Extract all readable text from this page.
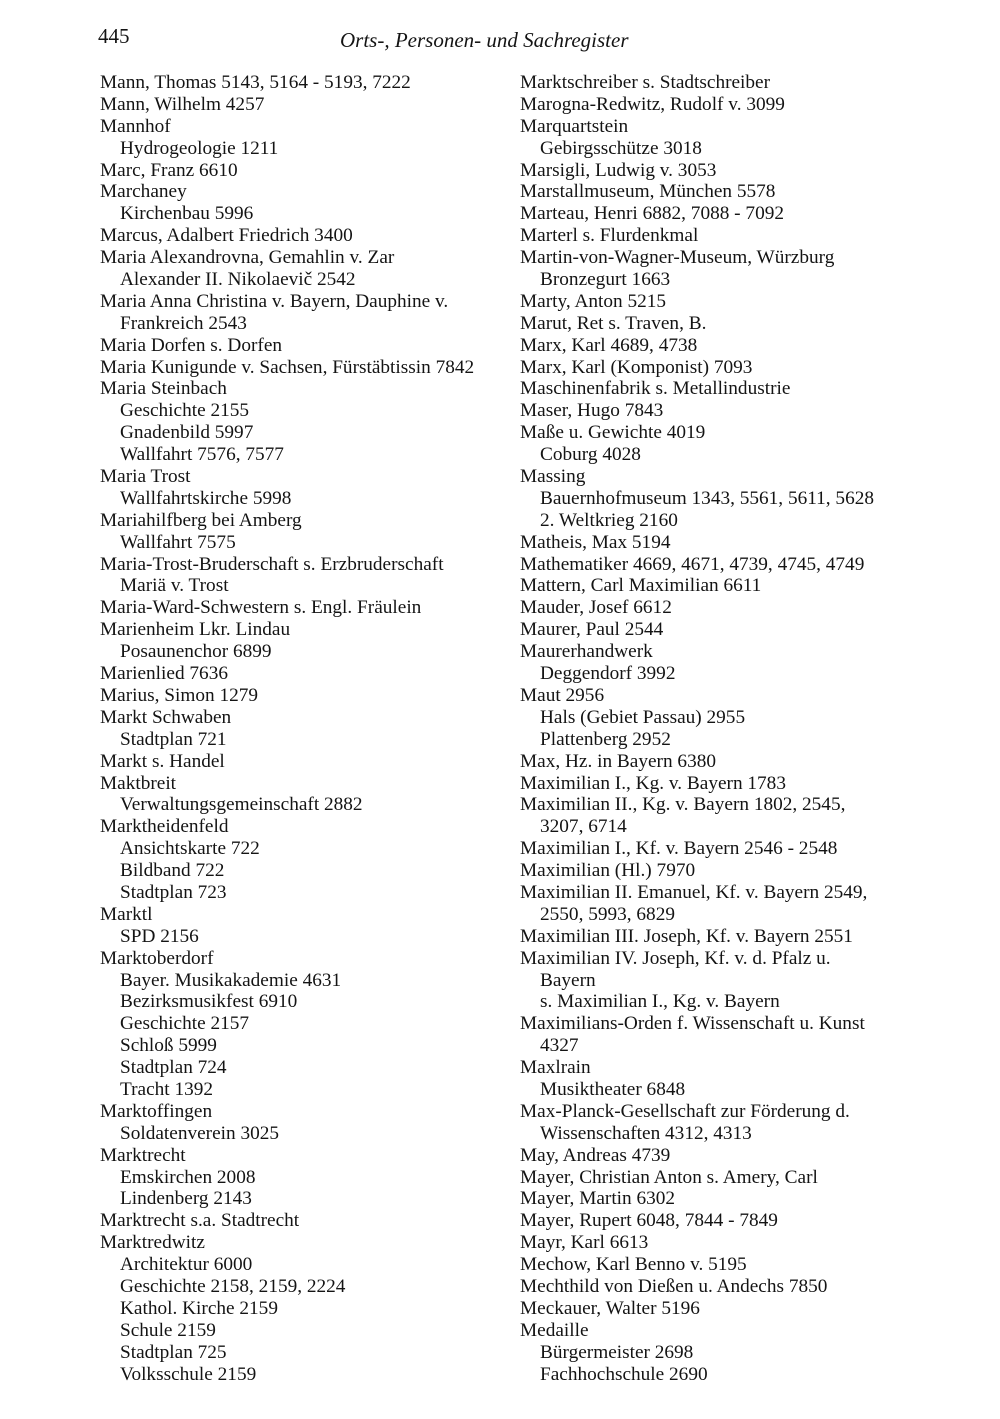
445	Orts-, Personen- und Sachregister
Mann, Thomas 5143, 5164 - 5193, 7222
Mann, Wilhelm 4257
Mannhof
Hydrogeologie 1211
Marc, Franz 6610
Marchaney
Kirchenbau 5996
Marcus, Adalbert Friedrich 3400
Maria Alexandrovna, Gemahlin v. Zar
Alexander II. Nikolaevič 2542
Maria Anna Christina v. Bayern, Dauphine v.
Frankreich 2543
Maria Dorfen s. Dorfen
Maria Kunigunde v. Sachsen, Fürstäbtissin 7842
Maria Steinbach
Geschichte 2155
Gnadenbild 5997
Wallfahrt 7576, 7577
Maria Trost
Wallfahrtskirche 5998
Mariahilfberg bei Amberg
Wallfahrt 7575
Maria-Trost-Bruderschaft s. Erzbruderschaft
Mariä v. Trost
Maria-Ward-Schwestern s. Engl. Fräulein
Marienheim Lkr. Lindau
Posaunenchor 6899
Marienlied 7636
Marius, Simon 1279
Markt Schwaben
Stadtplan 721
Markt s. Handel
Maktbreit
Verwaltungsgemeinschaft 2882
Marktheidenfeld
Ansichtskarte 722
Bildband 722
Stadtplan 723
Marktl
SPD 2156
Marktoberdorf
Bayer. Musikakademie 4631
Bezirksmusikfest 6910
Geschichte 2157
Schloß 5999
Stadtplan 724
Tracht 1392
Marktoffingen
Soldatenverein 3025
Marktrecht
Emskirchen 2008
Lindenberg 2143
Marktrecht s.a. Stadtrecht
Marktredwitz
Architektur 6000
Geschichte 2158, 2159, 2224
Kathol. Kirche 2159
Schule 2159
Stadtplan 725
Volksschule 2159
Marktschreiber s. Stadtschreiber
Marogna-Redwitz, Rudolf v. 3099
Marquartstein
Gebirgsschütze 3018
Marsigli, Ludwig v. 3053
Marstallmuseum, München 5578
Marteau, Henri 6882, 7088 - 7092
Marterl s. Flurdenkmal
Martin-von-Wagner-Museum, Würzburg
Bronzegurt 1663
Marty, Anton 5215
Marut, Ret s. Traven, B.
Marx, Karl 4689, 4738
Marx, Karl (Komponist) 7093
Maschinenfabrik s. Metallindustrie
Maser, Hugo 7843
Maße u. Gewichte 4019
Coburg 4028
Massing
Bauernhofmuseum 1343, 5561, 5611, 5628
2. Weltkrieg 2160
Matheis, Max 5194
Mathematiker 4669, 4671, 4739, 4745, 4749
Mattern, Carl Maximilian 6611
Mauder, Josef 6612
Maurer, Paul 2544
Maurerhandwerk
Deggendorf 3992
Maut 2956
Hals (Gebiet Passau) 2955
Plattenberg 2952
Max, Hz. in Bayern 6380
Maximilian I., Kg. v. Bayern 1783
Maximilian II., Kg. v. Bayern 1802, 2545,
3207, 6714
Maximilian I., Kf. v. Bayern 2546 - 2548
Maximilian (Hl.) 7970
Maximilian II. Emanuel, Kf. v. Bayern 2549,
2550, 5993, 6829
Maximilian III. Joseph, Kf. v. Bayern 2551
Maximilian IV. Joseph, Kf. v. d. Pfalz u.
Bayern
s. Maximilian I., Kg. v. Bayern
Maximilians-Orden f. Wissenschaft u. Kunst
4327
Maxlrain
Musiktheater 6848
Max-Planck-Gesellschaft zur Förderung d.
Wissenschaften 4312, 4313
May, Andreas 4739
Mayer, Christian Anton s. Amery, Carl
Mayer, Martin 6302
Mayer, Rupert 6048, 7844 - 7849
Mayr, Karl 6613
Mechow, Karl Benno v. 5195
Mechthild von Dießen u. Andechs 7850
Meckauer, Walter 5196
Medaille
Bürgermeister 2698
Fachhochschule 2690
